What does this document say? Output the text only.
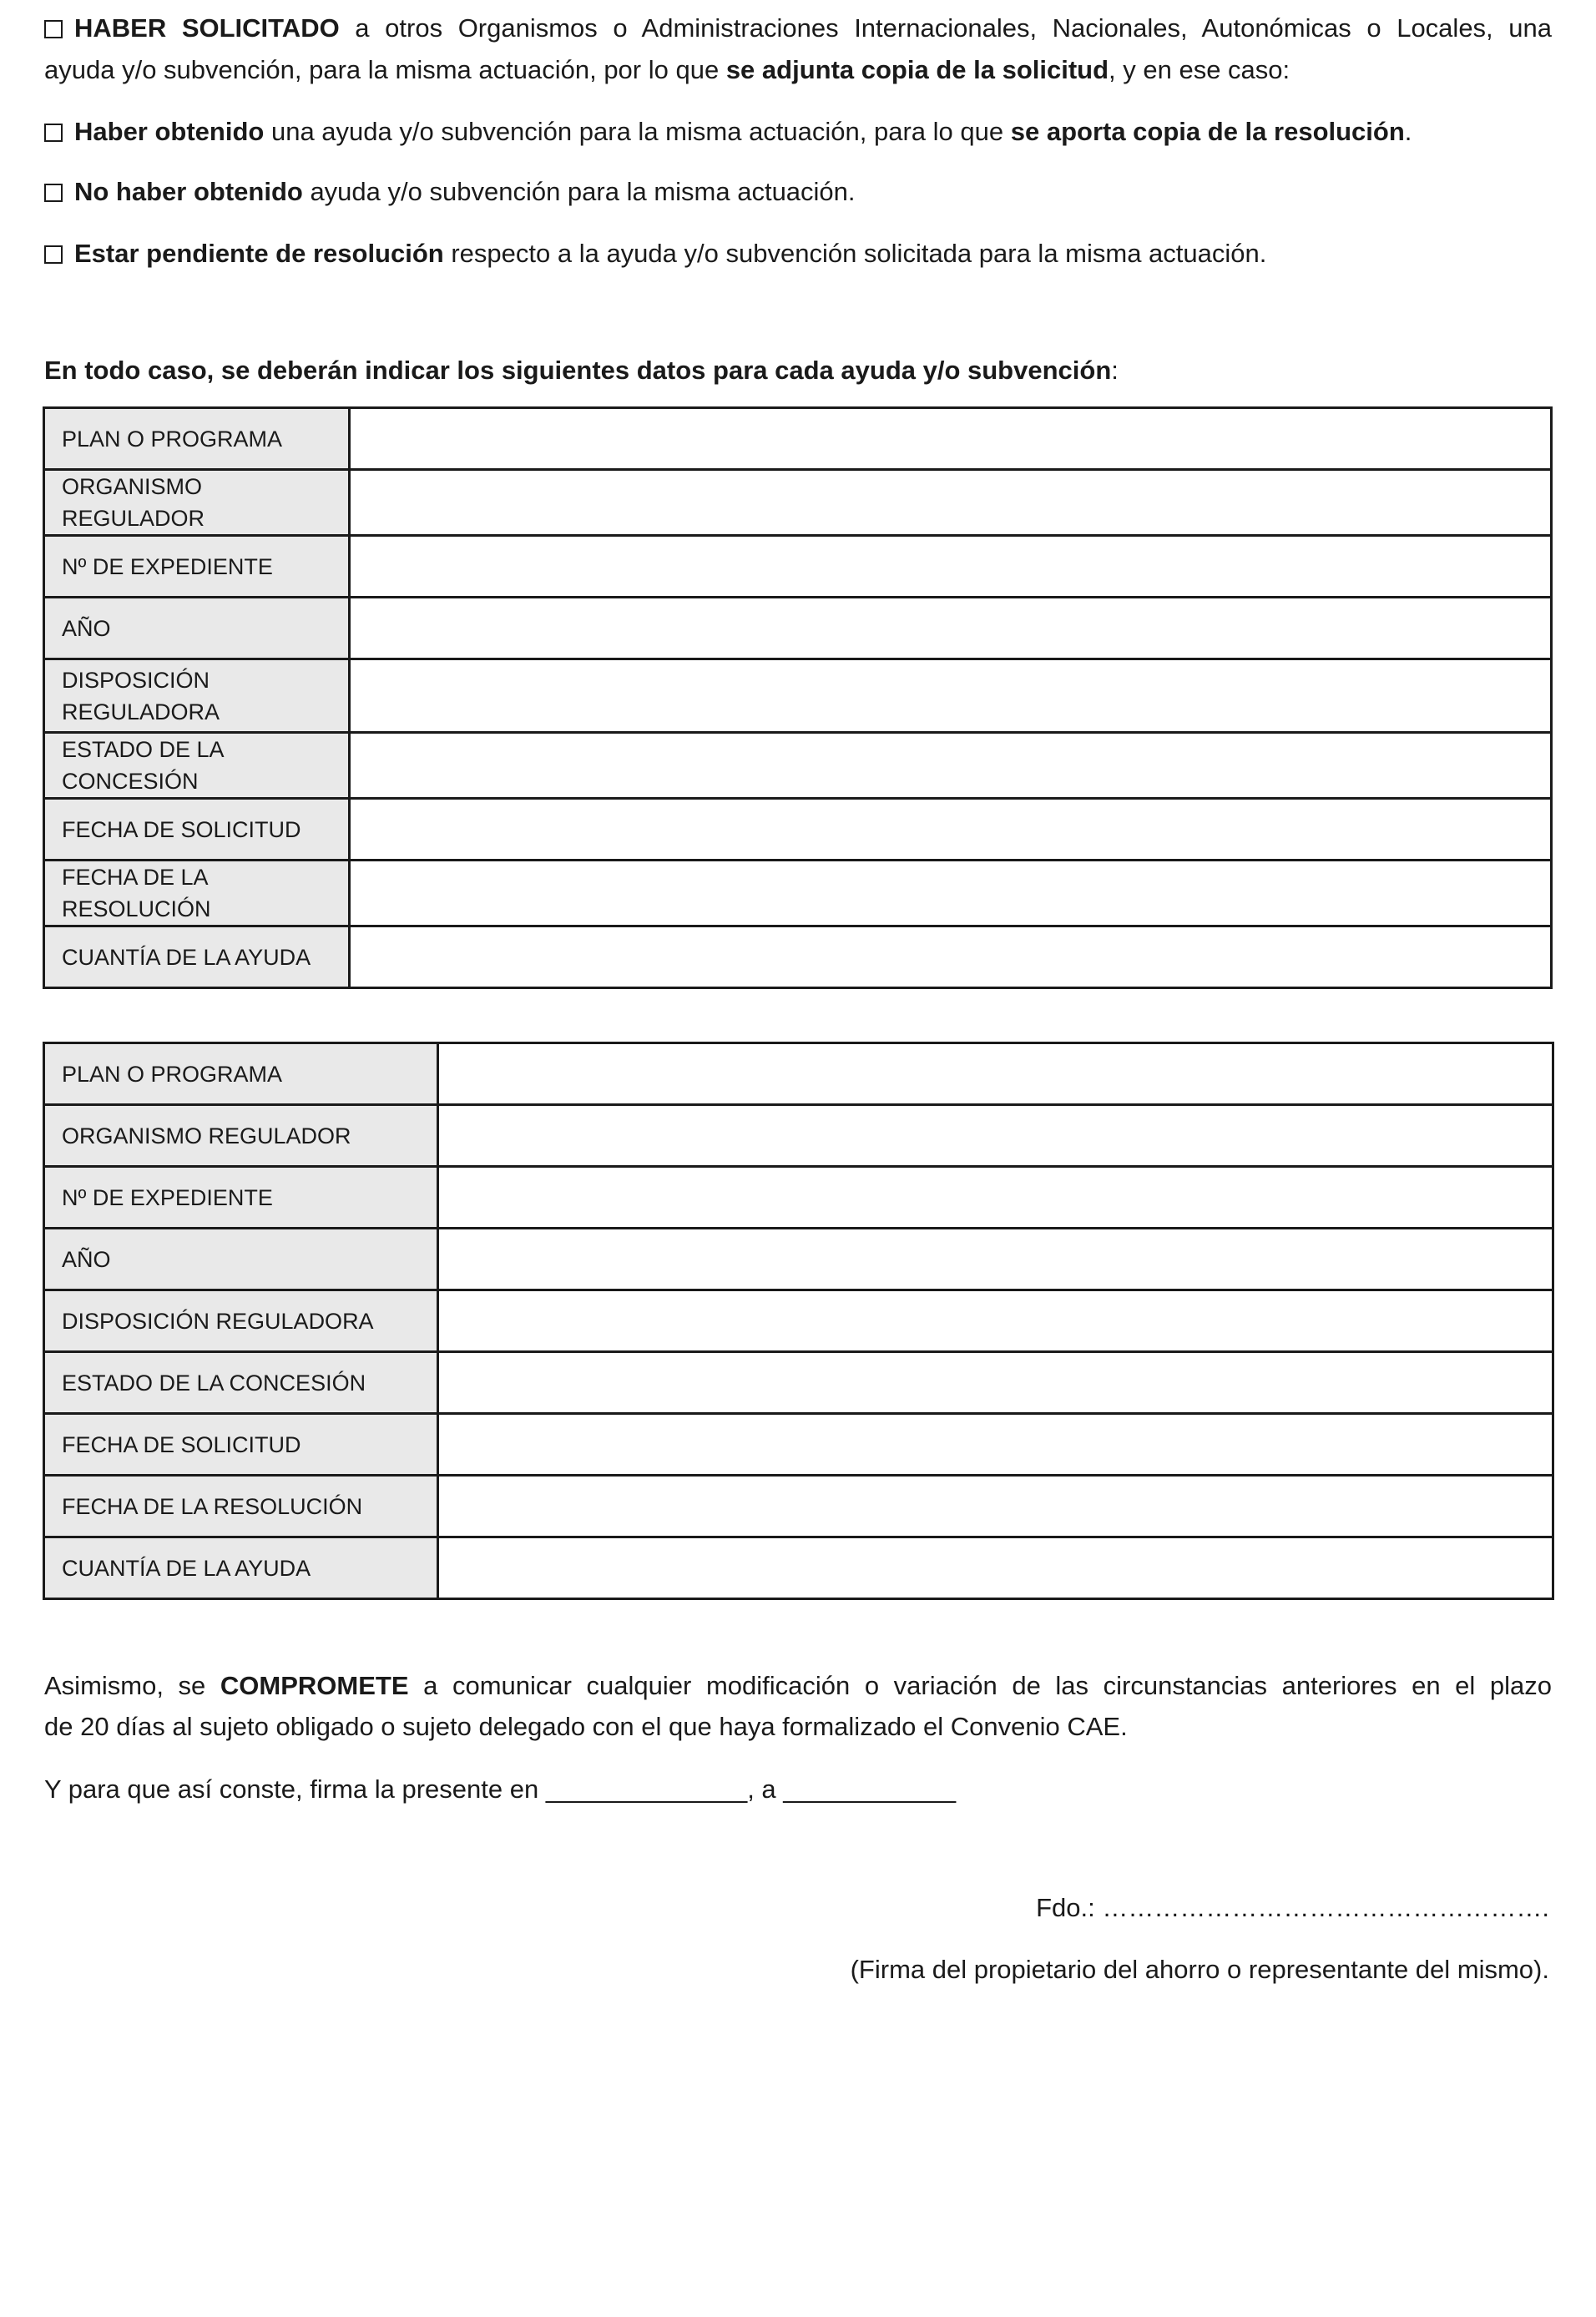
HABER SOLICITADO a otros Organismos o Administraciones Internacionales, Nacionales, Autonómicas o Locales, una

ayuda y/o subvención, para la misma actuación, por lo que se adjunta copia de la solicitud, y en ese caso:

Haber obtenido una ayuda y/o subvención para la misma actuación, para lo que se aporta copia de la resolución.

No haber obtenido ayuda y/o subvención para la misma actuación.

Estar pendiente de resolución respecto a la ayuda y/o subvención solicitada para la misma actuación.

En todo caso, se deberán indicar los siguientes datos para cada ayuda y/o subvención:

PLAN O PROGRAMA	
ORGANISMO REGULADOR	
Nº DE EXPEDIENTE	
AÑO	
DISPOSICIÓN REGULADORA	
ESTADO DE LA CONCESIÓN	
FECHA DE SOLICITUD	
FECHA DE LA RESOLUCIÓN	
CUANTÍA DE LA AYUDA	
PLAN O PROGRAMA	
ORGANISMO REGULADOR	
Nº DE EXPEDIENTE	
AÑO	
DISPOSICIÓN REGULADORA	
ESTADO DE LA CONCESIÓN	
FECHA DE SOLICITUD	
FECHA DE LA RESOLUCIÓN	
CUANTÍA DE LA AYUDA	

Asimismo, se COMPROMETE a comunicar cualquier modificación o variación de las circunstancias anteriores en el plazo

de 20 días al sujeto obligado o sujeto delegado con el que haya formalizado el Convenio CAE.

Y para que así conste, firma la presente en ______________, a ____________

Fdo.: …………………………………………….

(Firma del propietario del ahorro o representante del mismo).
